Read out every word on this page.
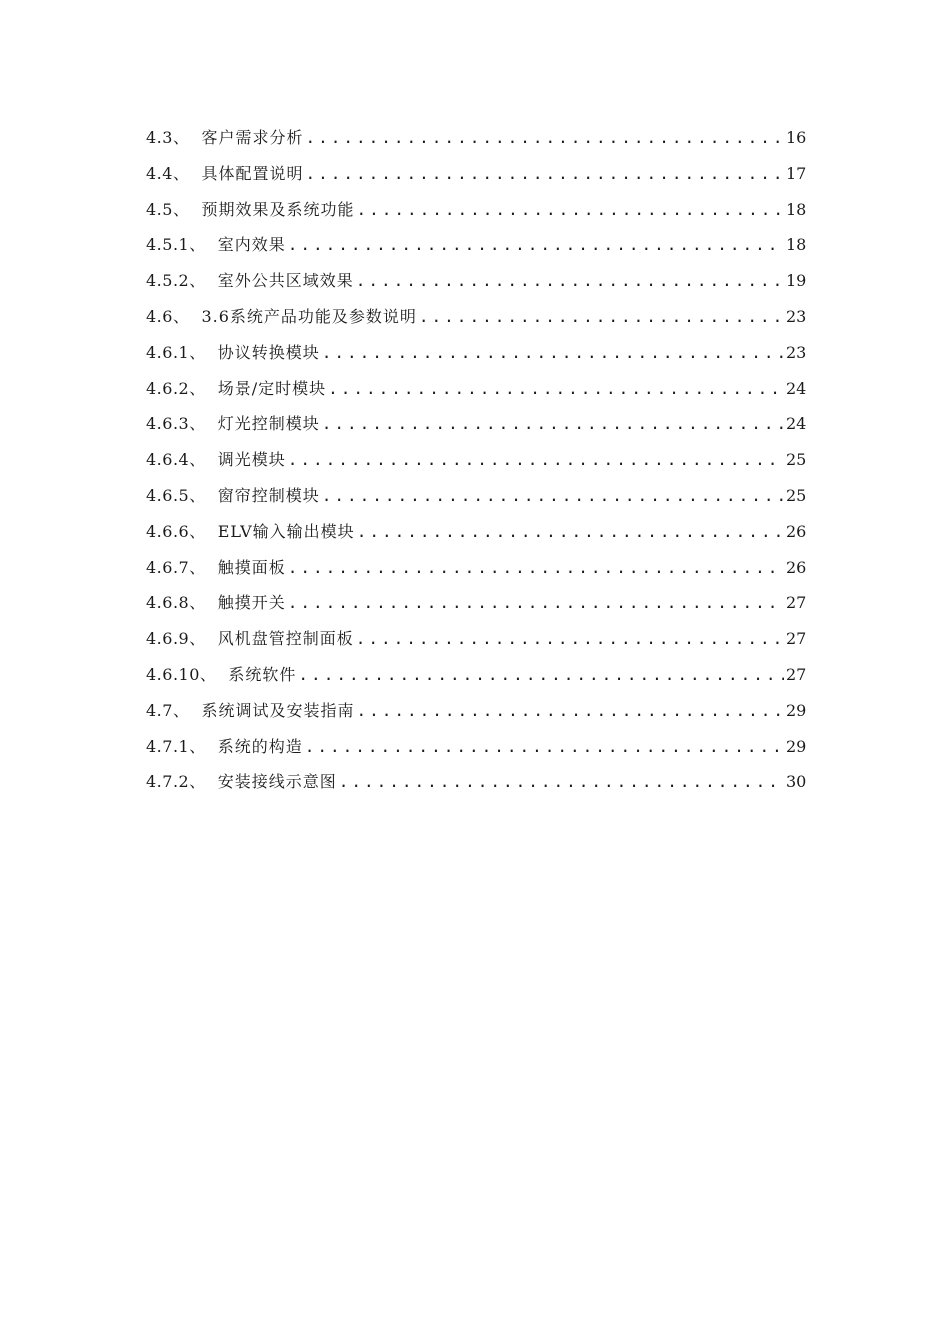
4.3、 客户需求分析 .....	16
4.4、 具体配置说明 .....	17
4.5、 预期效果及系统功能 .....	18
4.5.1、 室内效果 .....	18
4.5.2、 室外公共区域效果 .....	19
4.6、 3.6系统产品功能及参数说明 .....	23
4.6.1、 协议转换模块 .....	23
4.6.2、 场景/定时模块 .....	24
4.6.3、 灯光控制模块 .....	24
4.6.4、 调光模块 .....	25
4.6.5、 窗帘控制模块 .....	25
4.6.6、 ELV输入输出模块 .....	26
4.6.7、 触摸面板 .....	26
4.6.8、 触摸开关 .....	27
4.6.9、 风机盘管控制面板 .....	27
4.6.10、 系统软件 .....	27
4.7、 系统调试及安装指南 .....	29
4.7.1、 系统的构造 .....	29
4.7.2、 安装接线示意图 .....	30
